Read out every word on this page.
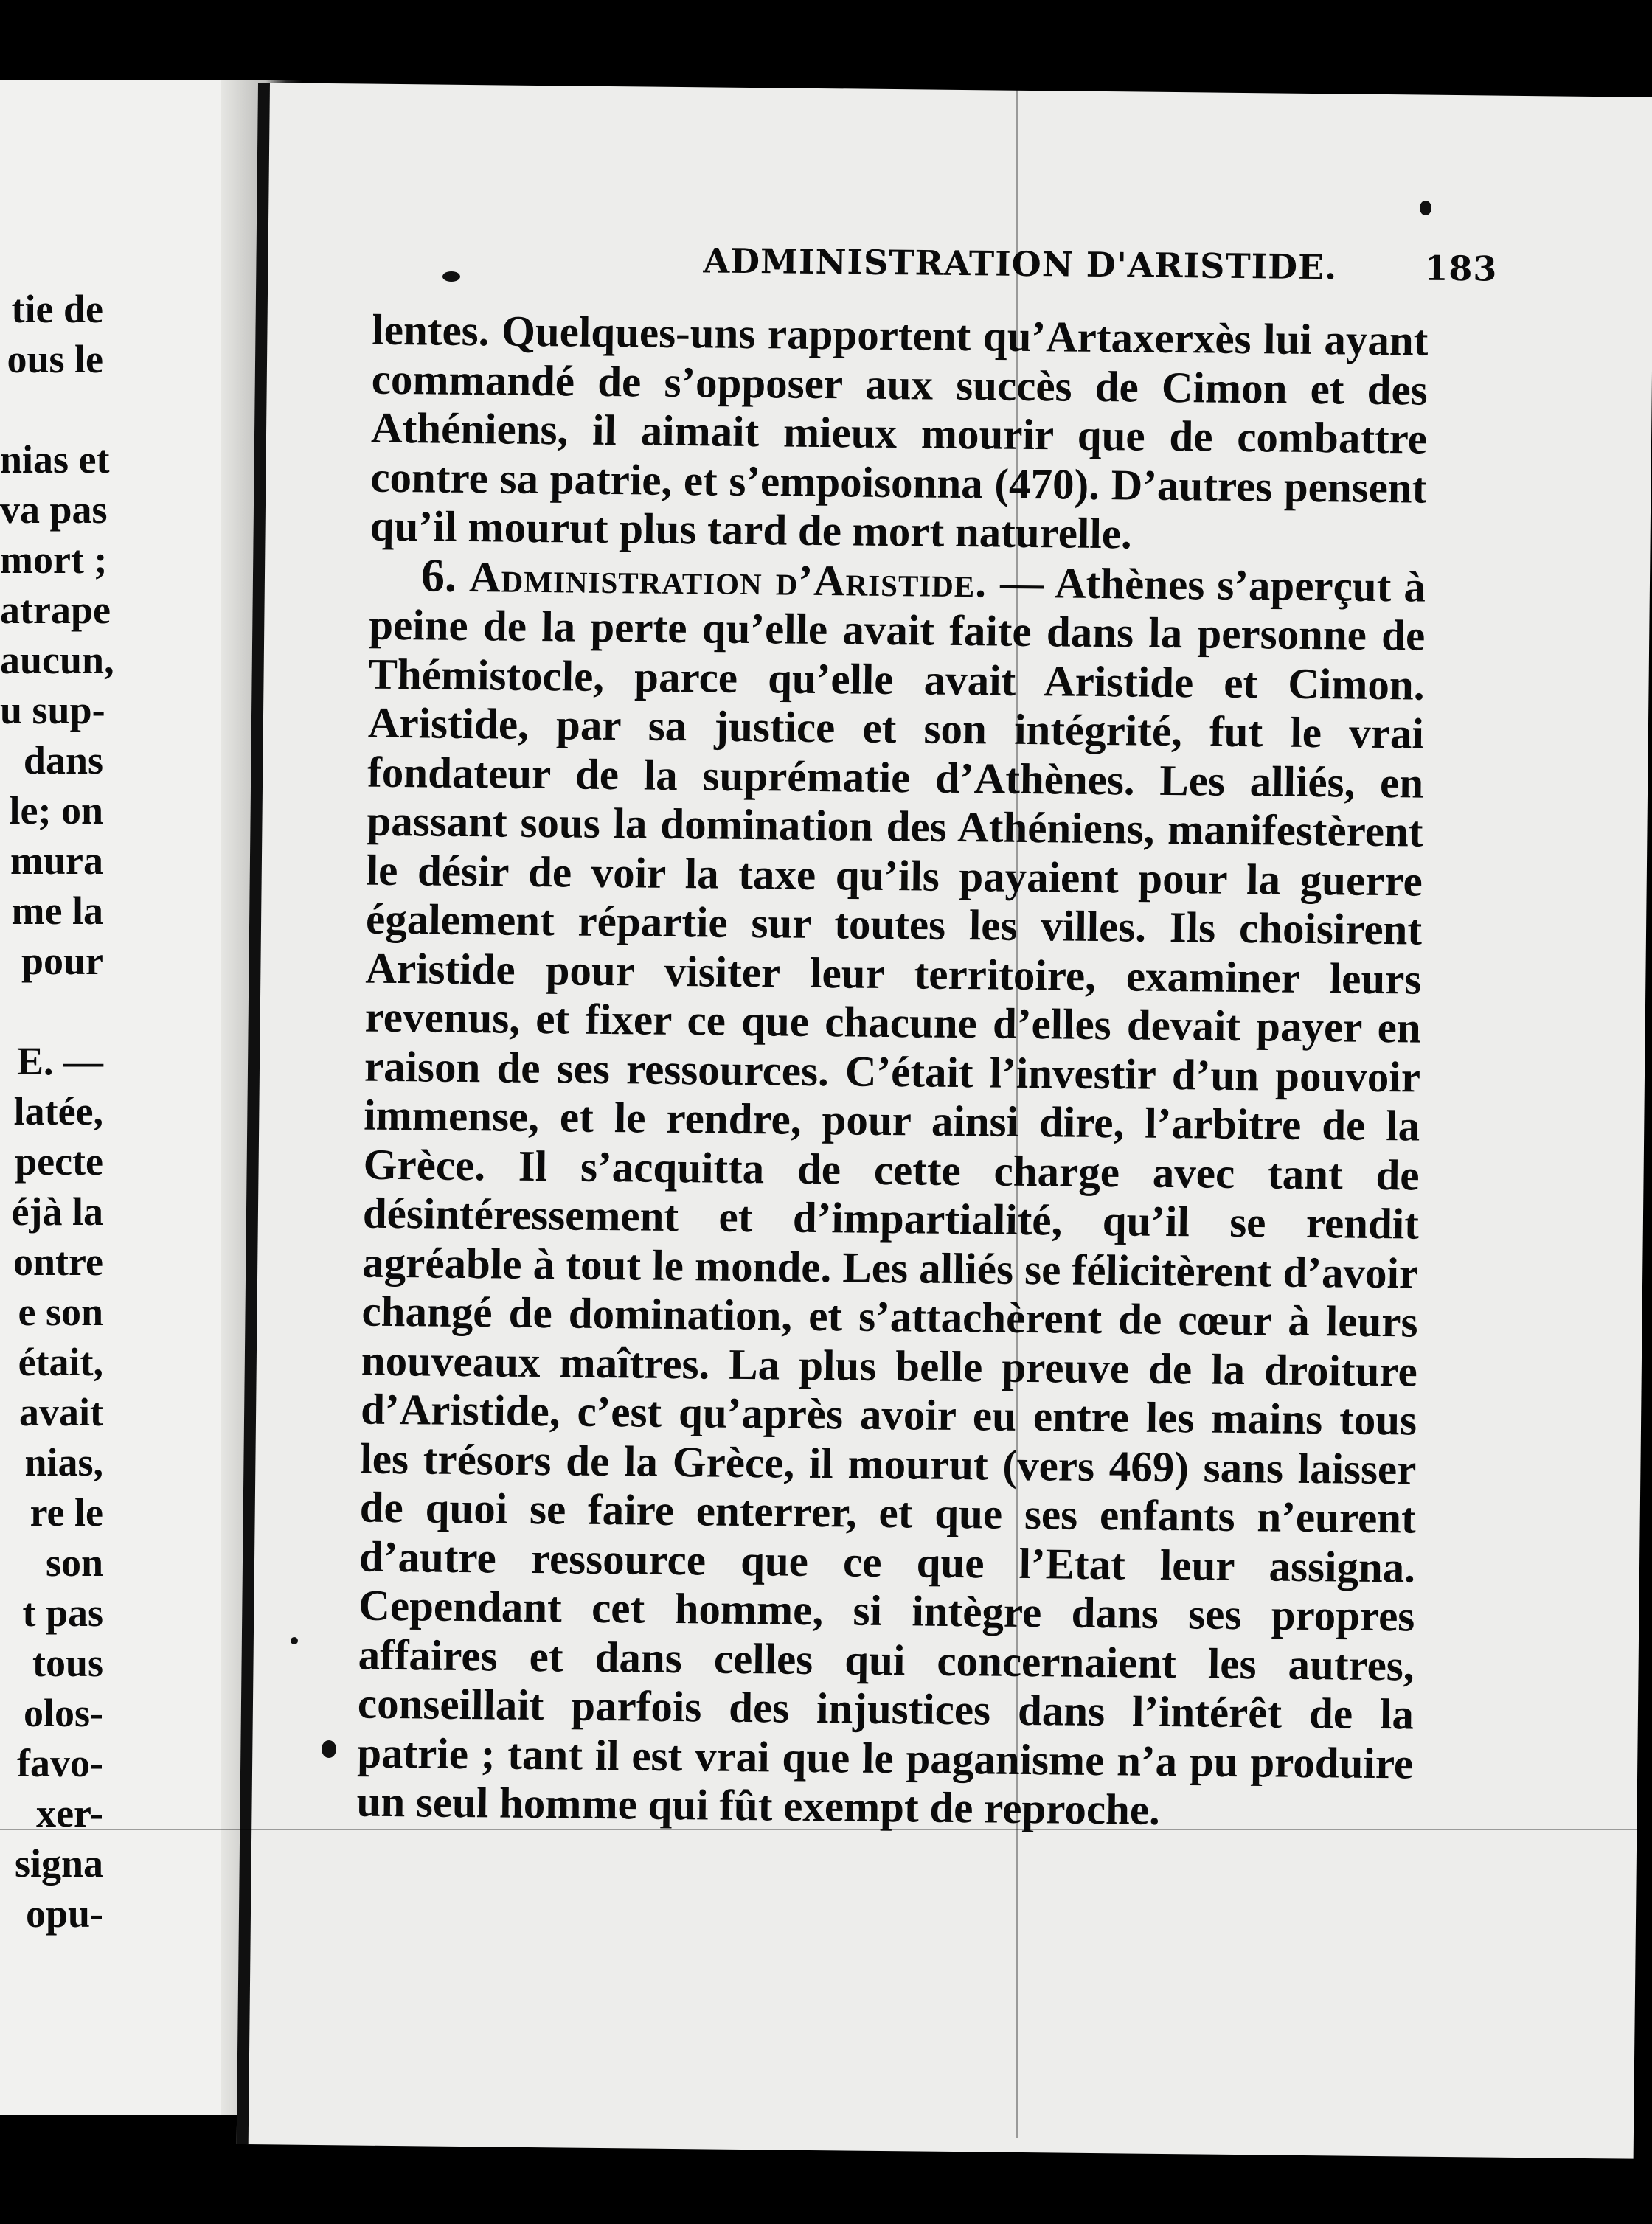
tie de
ous le
nias et
va pas
mort ;
atrape
aucun,
u sup-
dans
le; on
mura
me la
pour
E. —
latée,
pecte
éjà la
ontre
e son
était,
avait
nias,
re le
son
t pas
tous
olos-
favo-
xer-
signa
opu-
ADMINISTRATION D'ARISTIDE.	183

lentes. Quelques-uns rapportent qu’Artaxerxès lui ayant commandé de s’opposer aux succès de Cimon et des Athéniens, il aimait mieux mourir que de combattre contre sa patrie, et s’empoisonna (470). D’autres pensent qu’il mourut plus tard de mort naturelle.

6. Administration d’Aristide. — Athènes s’aperçut à peine de la perte qu’elle avait faite dans la personne de Thémistocle, parce qu’elle avait Aristide et Cimon. Aristide, par sa justice et son intégrité, fut le vrai fondateur de la suprématie d’Athènes. Les alliés, en passant sous la domination des Athéniens, manifestèrent le désir de voir la taxe qu’ils payaient pour la guerre également répartie sur toutes les villes. Ils choisirent Aristide pour visiter leur territoire, examiner leurs revenus, et fixer ce que chacune d’elles devait payer en raison de ses ressources. C’était l’investir d’un pouvoir immense, et le rendre, pour ainsi dire, l’arbitre de la Grèce. Il s’acquitta de cette charge avec tant de désintéressement et d’impartialité, qu’il se rendit agréable à tout le monde. Les alliés se félicitèrent d’avoir changé de domination, et s’attachèrent de cœur à leurs nouveaux maîtres. La plus belle preuve de la droiture d’Aristide, c’est qu’après avoir eu entre les mains tous les trésors de la Grèce, il mourut (vers 469) sans laisser de quoi se faire enterrer, et que ses enfants n’eurent d’autre ressource que ce que l’Etat leur assigna. Cependant cet homme, si intègre dans ses propres affaires et dans celles qui concernaient les autres, conseillait parfois des injustices dans l’intérêt de la patrie ; tant il est vrai que le paganisme n’a pu produire un seul homme qui fût exempt de reproche.
